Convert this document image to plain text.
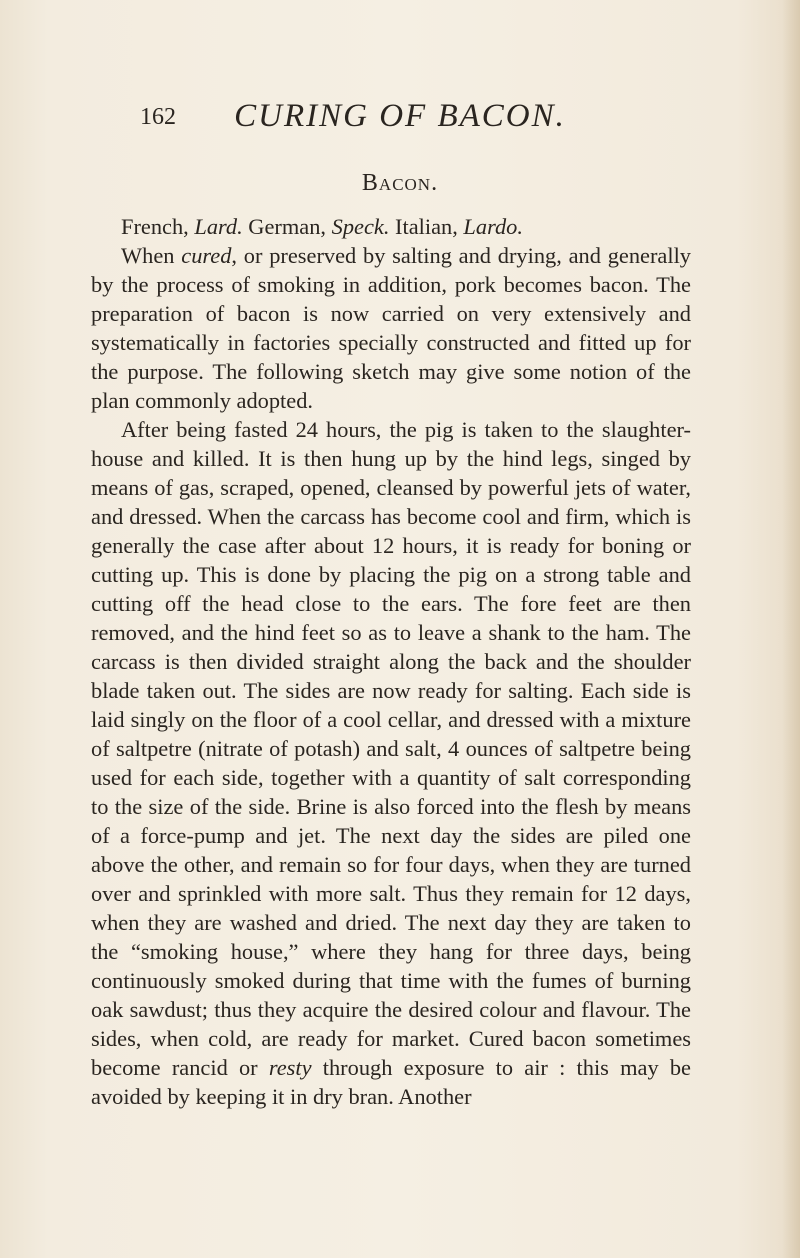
162	CURING OF BACON.
Bacon.

French, Lard. German, Speck. Italian, Lardo.

When cured, or preserved by salting and drying, and generally by the process of smoking in addition, pork becomes bacon. The preparation of bacon is now carried on very extensively and systematically in factories specially constructed and fitted up for the purpose. The following sketch may give some notion of the plan commonly adopted.

After being fasted 24 hours, the pig is taken to the slaughter-house and killed. It is then hung up by the hind legs, singed by means of gas, scraped, opened, cleansed by powerful jets of water, and dressed. When the carcass has become cool and firm, which is generally the case after about 12 hours, it is ready for boning or cutting up. This is done by placing the pig on a strong table and cutting off the head close to the ears. The fore feet are then removed, and the hind feet so as to leave a shank to the ham. The carcass is then divided straight along the back and the shoulder blade taken out. The sides are now ready for salting. Each side is laid singly on the floor of a cool cellar, and dressed with a mixture of saltpetre (nitrate of potash) and salt, 4 ounces of saltpetre being used for each side, together with a quantity of salt corresponding to the size of the side. Brine is also forced into the flesh by means of a force-pump and jet. The next day the sides are piled one above the other, and remain so for four days, when they are turned over and sprinkled with more salt. Thus they remain for 12 days, when they are washed and dried. The next day they are taken to the “smoking house,” where they hang for three days, being continuously smoked during that time with the fumes of burning oak sawdust; thus they acquire the desired colour and flavour. The sides, when cold, are ready for market. Cured bacon sometimes become rancid or resty through exposure to air : this may be avoided by keeping it in dry bran. Another
